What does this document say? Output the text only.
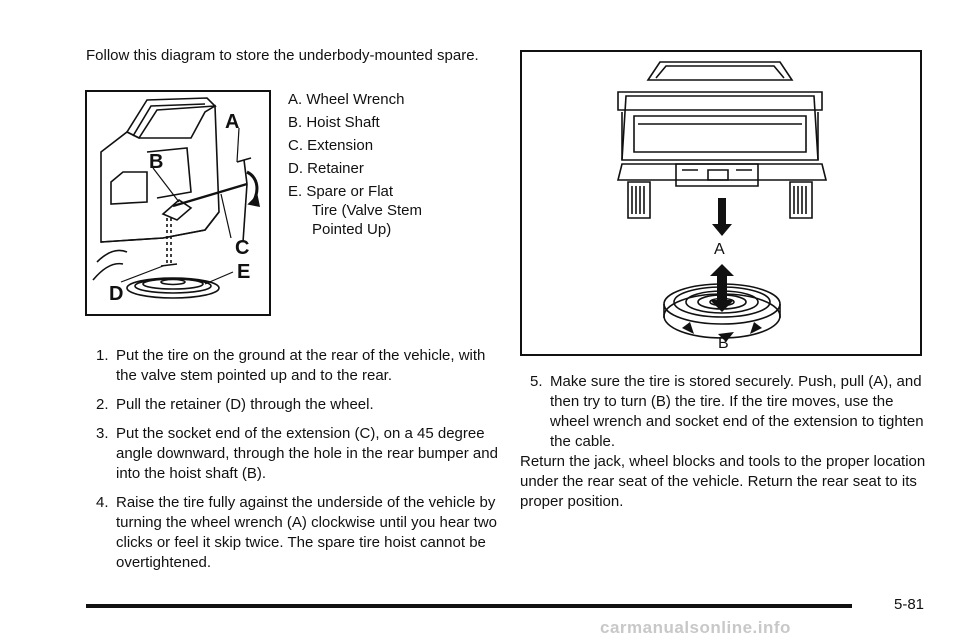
Follow this diagram to store the underbody-mounted spare.
A
B
C
D
E
A. Wheel Wrench
B. Hoist Shaft
C. Extension
D. Retainer
E. Spare or Flat
Tire (Valve Stem
Pointed Up)
A
B
1. Put the tire on the ground at the rear of the vehicle, with the valve stem pointed up and to the rear.
2. Pull the retainer (D) through the wheel.
3. Put the socket end of the extension (C), on a 45 degree angle downward, through the hole in the rear bumper and into the hoist shaft (B).
4. Raise the tire fully against the underside of the vehicle by turning the wheel wrench (A) clockwise until you hear two clicks or feel it skip twice. The spare tire hoist cannot be overtightened.
5. Make sure the tire is stored securely. Push, pull (A), and then try to turn (B) the tire. If the tire moves, use the wheel wrench and socket end of the extension to tighten the cable.
Return the jack, wheel blocks and tools to the proper location under the rear seat of the vehicle. Return the rear seat to its proper position.
5-81
carmanualsonline.info
